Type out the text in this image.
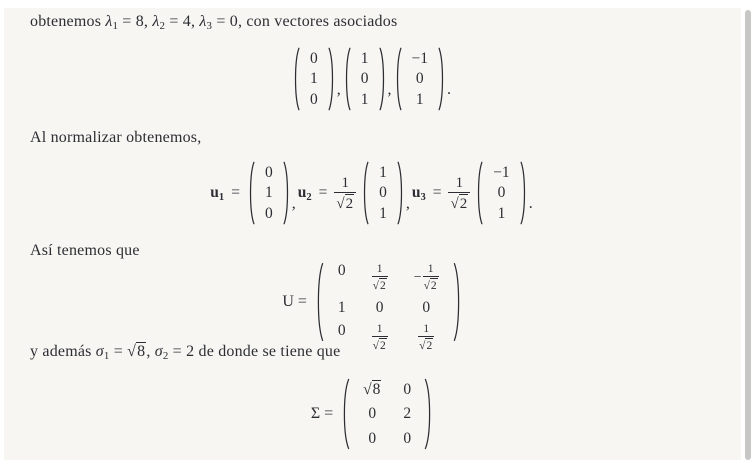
obtenemos $\lambda_1 = 8$, $\lambda_2 = 4$, $\lambda_3 = 0$, con vectores asociados
0
1
0
,
1
0
1
,
−1
0
1
.
Al normalizar obtenemos,
$u_1$ =
0
1
0
,
$u_2 = \frac{1}{√ 2}$
1
0
1
,
$u_3 = \frac{1}{√ 2}$
−1
0
1
.
Así tenemos que
U =
$0 \frac{1}{√ 2} - \frac{1}{√ 2}$
1 0	0
$0 \frac{1}{√ 2}$	$\frac{1}{√ 2}$
y además $\sigma_1 = √8$, $\sigma_2 = 2$ de donde se tiene que
Σ =
√8 0
0 2
0 0
